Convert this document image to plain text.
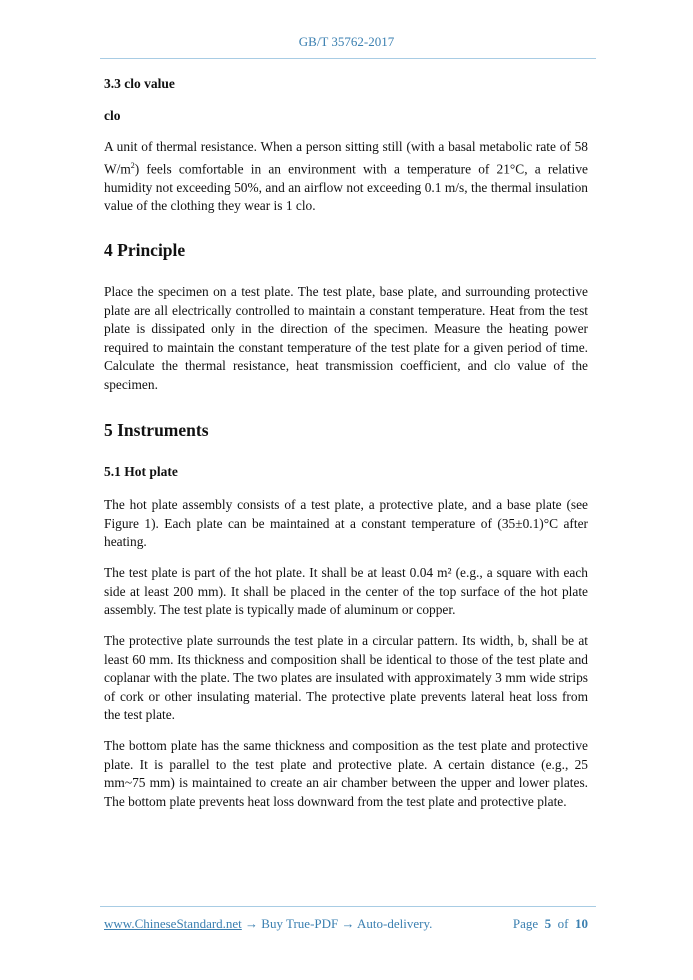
GB/T 35762-2017
3.3 clo value
clo

A unit of thermal resistance. When a person sitting still (with a basal metabolic rate of 58 $W/m^2$) feels comfortable in an environment with a temperature of 21°C, a relative humidity not exceeding 50%, and an airflow not exceeding 0.1 m/s, the thermal insulation value of the clothing they wear is 1 clo.

4 Principle

Place the specimen on a test plate. The test plate, base plate, and surrounding protective plate are all electrically controlled to maintain a constant temperature. Heat from the test plate is dissipated only in the direction of the specimen. Measure the heating power required to maintain the constant temperature of the test plate for a given period of time. Calculate the thermal resistance, heat transmission coefficient, and clo value of the specimen.

5 Instruments
5.1 Hot plate

The hot plate assembly consists of a test plate, a protective plate, and a base plate (see Figure 1). Each plate can be maintained at a constant temperature of (35±0.1)°C after heating.

The test plate is part of the hot plate. It shall be at least 0.04 m² (e.g., a square with each side at least 200 mm). It shall be placed in the center of the top surface of the hot plate assembly. The test plate is typically made of aluminum or copper.

The protective plate surrounds the test plate in a circular pattern. Its width, b, shall be at least 60 mm. Its thickness and composition shall be identical to those of the test plate and coplanar with the plate. The two plates are insulated with approximately 3 mm wide strips of cork or other insulating material. The protective plate prevents lateral heat loss from the test plate.

The bottom plate has the same thickness and composition as the test plate and protective plate. It is parallel to the test plate and protective plate. A certain distance (e.g., 25 mm~75 mm) is maintained to create an air chamber between the upper and lower plates. The bottom plate prevents heat loss downward from the test plate and protective plate.

www.ChineseStandard.net → Buy True-PDF → Auto-delivery.	Page 5 of 10
